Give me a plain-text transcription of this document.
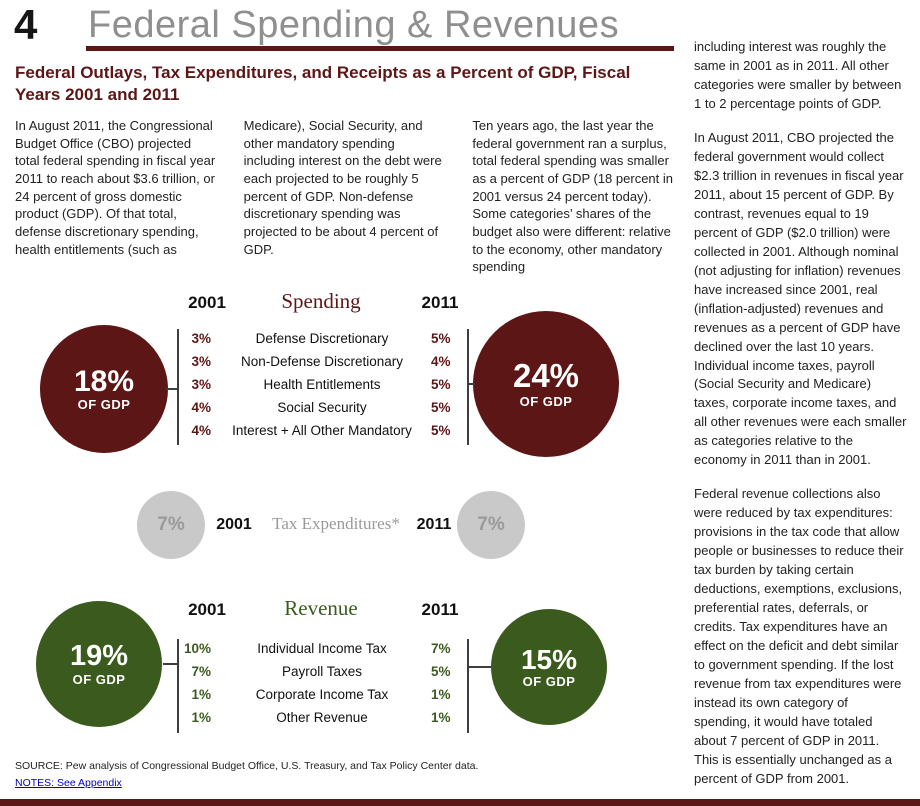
4 Federal Spending & Revenues
Federal Outlays, Tax Expenditures, and Receipts as a Percent of GDP, Fiscal Years 2001 and 2011

In August 2011, the Congressional Budget Office (CBO) projected total federal spending in fiscal year 2011 to reach about $3.6 trillion, or 24 percent of gross domestic product (GDP). Of that total, defense discretionary spending, health entitlements (such as

Medicare), Social Security, and other mandatory spending including interest on the debt were each projected to be roughly 5 percent of GDP. Non-defense discretionary spending was projected to be about 4 percent of GDP.

Ten years ago, the last year the federal government ran a surplus, total federal spending was smaller as a percent of GDP (18 percent in 2001 versus 24 percent today). Some categories’ shares of the budget also were different: relative to the economy, other mandatory spending

2001	Spending	2011
18%
OF GDP
24%
OF GDP
3%	Defense Discretionary	5%
3%	Non-Defense Discretionary	4%
3%	Health Entitlements	5%
4%	Social Security	5%
4%	Interest + All Other Mandatory	5%
7%	2001	Tax Expenditures*	2011 7%
2001	Revenue	2011
19%
OF GDP
15%
OF GDP
10%	Individual Income Tax	7%
7%	Payroll Taxes	5%
1%	Corporate Income Tax	1%
1%	Other Revenue	1%

including interest was roughly the same in 2001 as in 2011. All other categories were smaller by between 1 to 2 percentage points of GDP.

In August 2011, CBO projected the federal government would collect $2.3 trillion in revenues in fiscal year 2011, about 15 percent of GDP. By contrast, revenues equal to 19 percent of GDP ($2.0 trillion) were collected in 2001. Although nominal (not adjusting for inflation) revenues have increased since 2001, real (inflation-adjusted) revenues and revenues as a percent of GDP have declined over the last 10 years. Individual income taxes, payroll (Social Security and Medicare) taxes, corporate income taxes, and all other revenues were each smaller as categories relative to the economy in 2011 than in 2001.

Federal revenue collections also were reduced by tax expenditures: provisions in the tax code that allow people or businesses to reduce their tax burden by taking certain deductions, exemptions, exclusions, preferential rates, deferrals, or credits. Tax expenditures have an effect on the deficit and debt similar to government spending. If the lost revenue from tax expenditures were instead its own category of spending, it would have totaled about 7 percent of GDP in 2011. This is essentially unchanged as a percent of GDP from 2001.

SOURCE: Pew analysis of Congressional Budget Office, U.S. Treasury, and Tax Policy Center data.
NOTES: See Appendix
